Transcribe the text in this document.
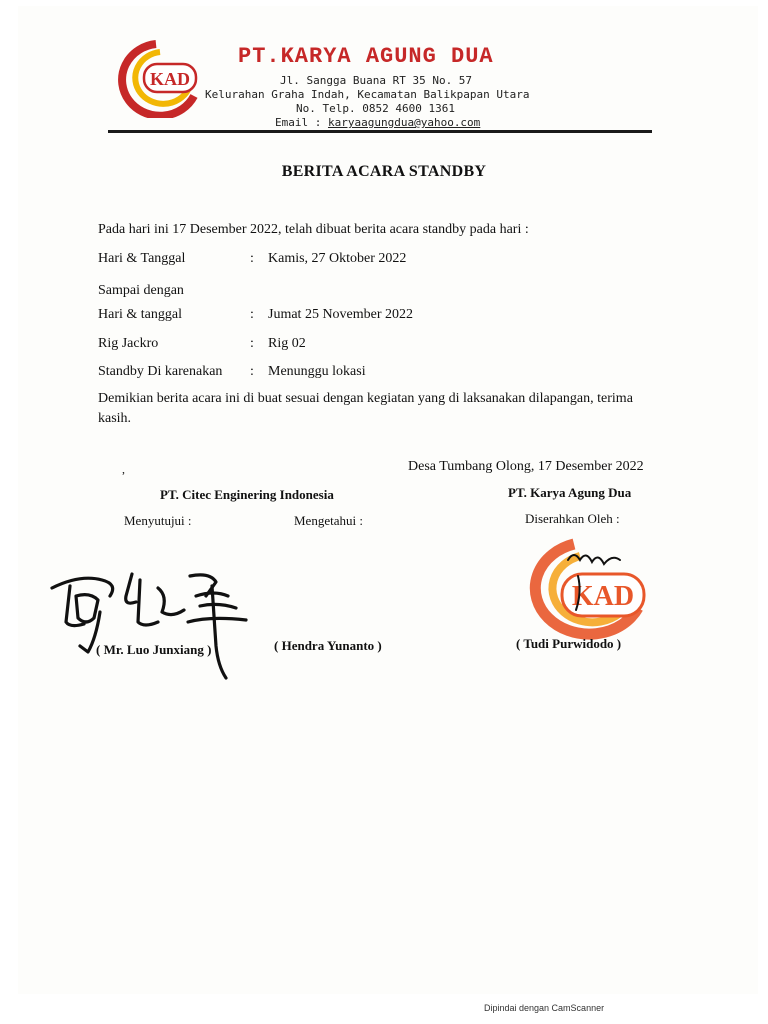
KAD
PT.KARYA AGUNG DUA
Jl. Sangga Buana RT 35 No. 57
Kelurahan Graha Indah, Kecamatan Balikpapan Utara
No. Telp. 0852 4600 1361
Email : karyaagungdua@yahoo.com
BERITA ACARA STANDBY
Pada hari ini 17 Desember 2022, telah dibuat berita acara standby pada hari :
Hari & Tanggal	: Kamis, 27 Oktober 2022
Sampai dengan
Hari & tanggal	: Jumat 25 November 2022
Rig Jackro	: Rig 02
Standby Di karenakan : Menunggu lokasi
Demikian berita acara ini di buat sesuai dengan kegiatan yang di laksanakan dilapangan, terima kasih.
,	Desa Tumbang Olong, 17 Desember 2022
PT. Citec Enginering Indonesia	PT. Karya Agung Dua
Menyutujui :	Mengetahui :	Diserahkan Oleh :
KAD
( Mr. Luo Junxiang )	( Hendra Yunanto )	( Tudi Purwidodo )
Dipindai dengan CamScanner
